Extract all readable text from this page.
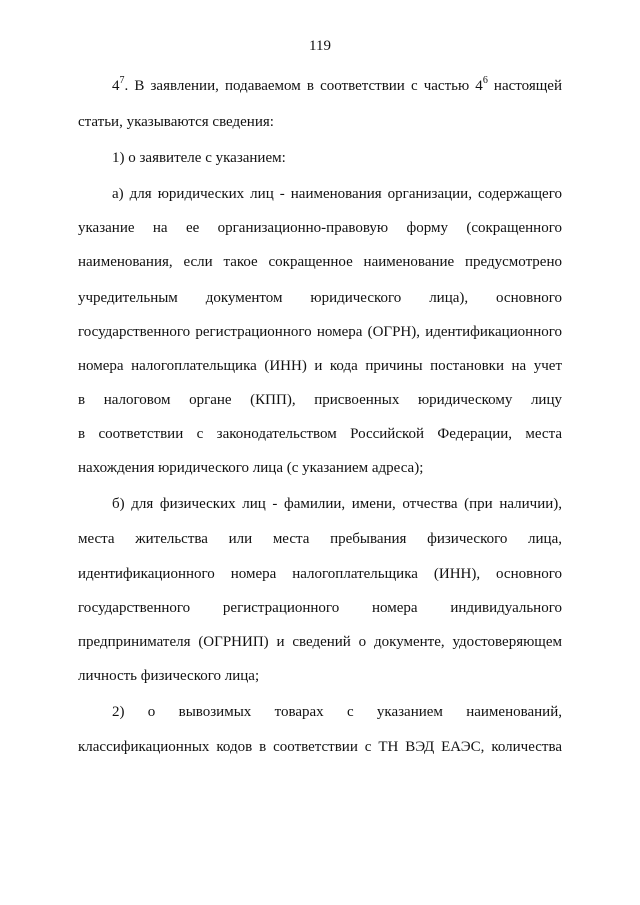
119
$4^7$. В заявлении, подаваемом в соответствии с частью $4^6$ настоящей
статьи, указываются сведения:
1) о заявителе с указанием:
а) для юридических лиц - наименования организации, содержащего
указание на ее организационно-правовую форму (сокращенного
наименования, если такое сокращенное наименование предусмотрено
учредительным документом юридического лица), основного
государственного регистрационного номера (ОГРН), идентификационного
номера налогоплательщика (ИНН) и кода причины постановки на учет
в налоговом органе (КПП), присвоенных юридическому лицу
в соответствии с законодательством Российской Федерации, места
нахождения юридического лица (с указанием адреса);
б) для физических лиц - фамилии, имени, отчества (при наличии),
места жительства или места пребывания физического лица,
идентификационного номера налогоплательщика (ИНН), основного
государственного регистрационного номера индивидуального
предпринимателя (ОГРНИП) и сведений о документе, удостоверяющем
личность физического лица;
2) о вывозимых товарах с указанием наименований,
классификационных кодов в соответствии с ТН ВЭД ЕАЭС, количества
